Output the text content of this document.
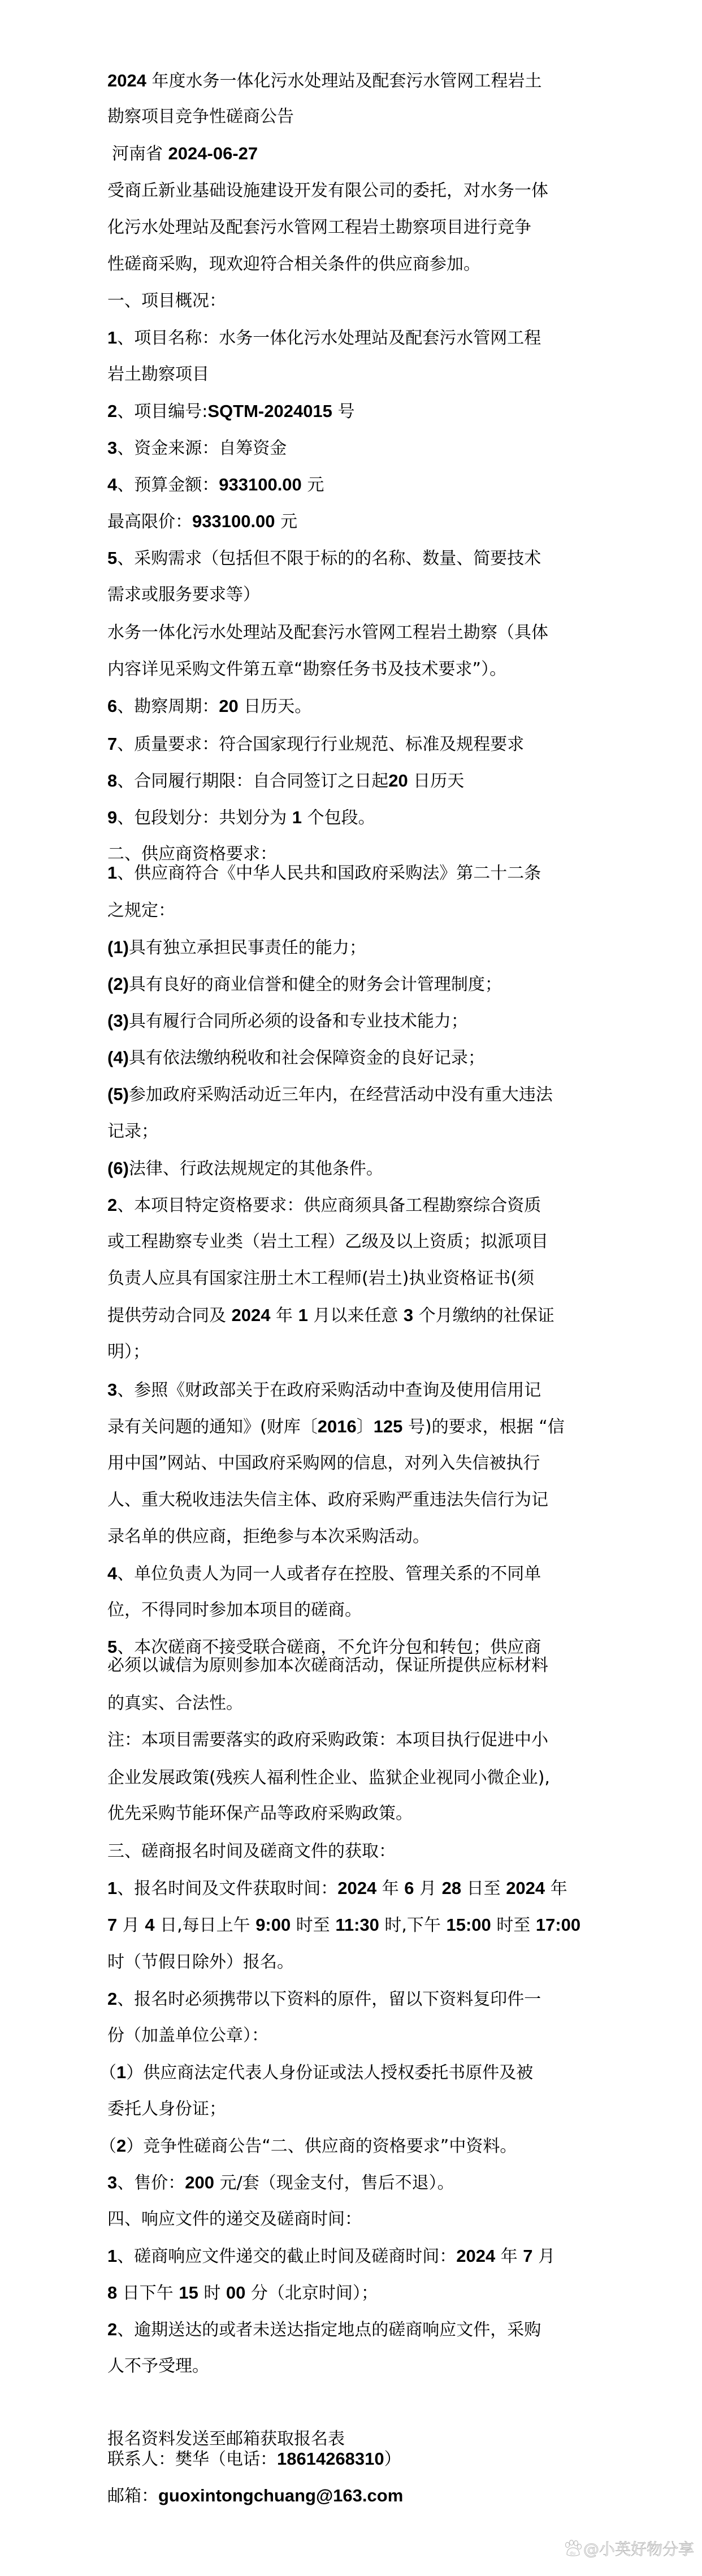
2024 年度水务一体化污水处理站及配套污水管网工程岩土
勘察项目竞争性磋商公告
河南省 2024-06-27
受商丘新业基础设施建设开发有限公司的委托，对水务一体
化污水处理站及配套污水管网工程岩土勘察项目进行竞争
性磋商采购，现欢迎符合相关条件的供应商参加。
一、项目概况：
1、项目名称：水务一体化污水处理站及配套污水管网工程
岩土勘察项目
2、项目编号:SQTM-2024015 号
3、资金来源：自筹资金
4、预算金额：933100.00 元
最高限价：933100.00 元
5、采购需求（包括但不限于标的的名称、数量、简要技术
需求或服务要求等）
水务一体化污水处理站及配套污水管网工程岩土勘察（具体
内容详见采购文件第五章“勘察任务书及技术要求”）。
6、勘察周期：20 日历天。
7、质量要求：符合国家现行行业规范、标准及规程要求
8、合同履行期限：自合同签订之日起20 日历天
9、包段划分：共划分为 1 个包段。
二、供应商资格要求：
1、供应商符合《中华人民共和国政府采购法》第二十二条
之规定：
(1)具有独立承担民事责任的能力；
(2)具有良好的商业信誉和健全的财务会计管理制度；
(3)具有履行合同所必须的设备和专业技术能力；
(4)具有依法缴纳税收和社会保障资金的良好记录；
(5)参加政府采购活动近三年内，在经营活动中没有重大违法
记录；
(6)法律、行政法规规定的其他条件。
2、本项目特定资格要求：供应商须具备工程勘察综合资质
或工程勘察专业类（岩土工程）乙级及以上资质；拟派项目
负责人应具有国家注册土木工程师(岩土)执业资格证书(须
提供劳动合同及 2024 年 1 月以来任意 3 个月缴纳的社保证
明）；
3、参照《财政部关于在政府采购活动中查询及使用信用记
录有关问题的通知》(财库〔2016〕125 号)的要求，根据 “信
用中国”网站、中国政府采购网的信息，对列入失信被执行
人、重大税收违法失信主体、政府采购严重违法失信行为记
录名单的供应商，拒绝参与本次采购活动。
4、单位负责人为同一人或者存在控股、管理关系的不同单
位，不得同时参加本项目的磋商。
5、本次磋商不接受联合磋商，不允许分包和转包；供应商
必须以诚信为原则参加本次磋商活动，保证所提供应标材料
的真实、合法性。
注：本项目需要落实的政府采购政策：本项目执行促进中小
企业发展政策(残疾人福利性企业、监狱企业视同小微企业),
优先采购节能环保产品等政府采购政策。
三、磋商报名时间及磋商文件的获取：
1、报名时间及文件获取时间：2024 年 6 月 28 日至 2024 年
7 月 4 日,每日上午 9:00 时至 11:30 时,下午 15:00 时至 17:00
时（节假日除外）报名。
2、报名时必须携带以下资料的原件，留以下资料复印件一
份（加盖单位公章）：
（1）供应商法定代表人身份证或法人授权委托书原件及被
委托人身份证；
（2）竞争性磋商公告“二、供应商的资格要求”中资料。
3、售价：200 元/套（现金支付，售后不退）。
四、响应文件的递交及磋商时间：
1、磋商响应文件递交的截止时间及磋商时间：2024 年 7 月
8 日下午 15 时 00 分（北京时间）；
2、逾期送达的或者未送达指定地点的磋商响应文件，采购
人不予受理。
报名资料发送至邮箱获取报名表
联系人：樊华（电话：18614268310）
邮箱：guoxintongchuang@163.com
du @小英好物分享
